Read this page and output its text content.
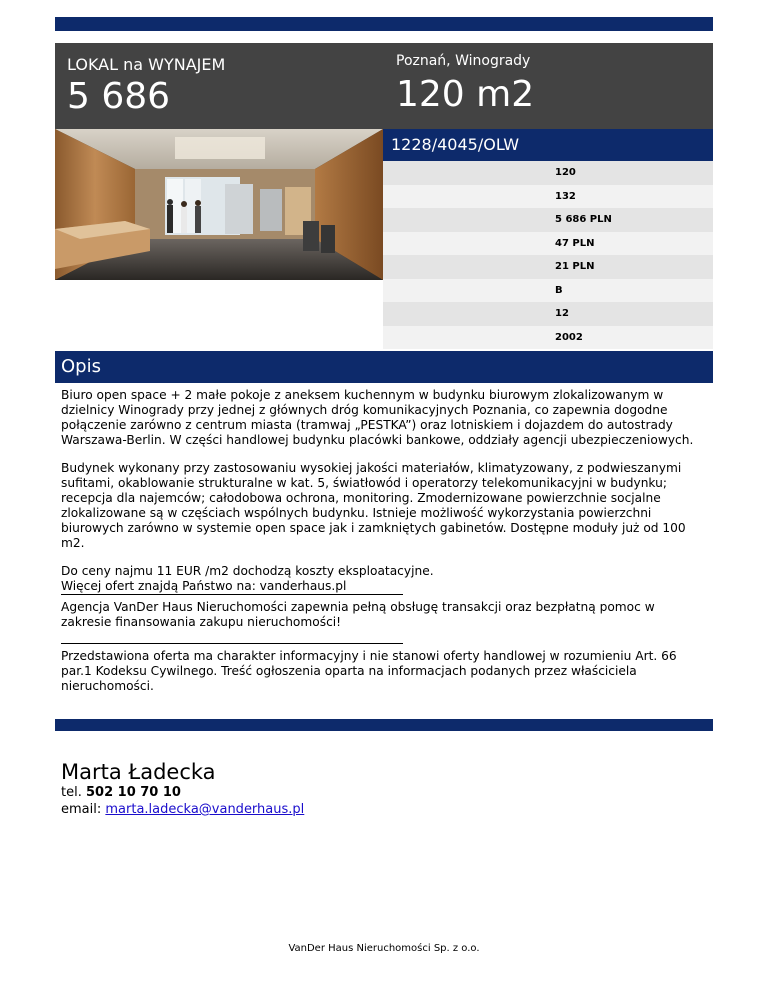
LOKAL na WYNAJEM
5 686
Poznań, Winogrady
120 m2
1228/4045/OLW
120
132
5 686 PLN
47 PLN
21 PLN
B
12
2002
Opis

Biuro open space + 2 małe pokoje z aneksem kuchennym w budynku biurowym zlokalizowanym w dzielnicy Winogrady przy jednej z głównych dróg komunikacyjnych Poznania, co zapewnia dogodne połączenie zarówno z centrum miasta (tramwaj „PESTKA”) oraz lotniskiem i dojazdem do autostrady Warszawa-Berlin. W części handlowej budynku placówki bankowe, oddziały agencji ubezpieczeniowych.

Budynek wykonany przy zastosowaniu wysokiej jakości materiałów, klimatyzowany, z podwieszanymi sufitami, okablowanie strukturalne w kat. 5, światłowód i operatorzy telekomunikacyjni w budynku; recepcja dla najemców; całodobowa ochrona, monitoring. Zmodernizowane powierzchnie socjalne zlokalizowane są w częściach wspólnych budynku. Istnieje możliwość wykorzystania powierzchni biurowych zarówno w systemie open space jak i zamkniętych gabinetów. Dostępne moduły już od 100 m2.

Do ceny najmu 11 EUR /m2 dochodzą koszty eksploatacyjne.

Więcej ofert znajdą Państwo na: vanderhaus.pl

Agencja VanDer Haus Nieruchomości zapewnia pełną obsługę transakcji oraz bezpłatną pomoc w zakresie finansowania zakupu nieruchomości!

Przedstawiona oferta ma charakter informacyjny i nie stanowi oferty handlowej w rozumieniu Art. 66 par.1 Kodeksu Cywilnego. Treść ogłoszenia oparta na informacjach podanych przez właściciela nieruchomości.

Marta Ładecka
tel. 502 10 70 10
email: marta.ladecka@vanderhaus.pl
VanDer Haus Nieruchomości Sp. z o.o.
